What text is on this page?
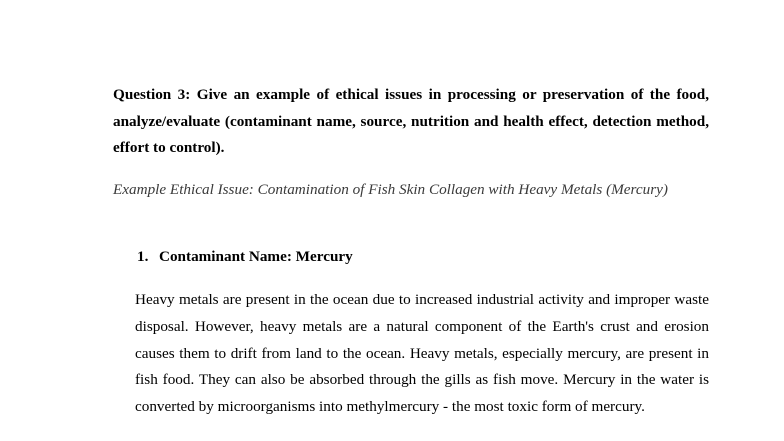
Question 3: Give an example of ethical issues in processing or preservation of the food, analyze/evaluate (contaminant name, source, nutrition and health effect, detection method, effort to control).

Example Ethical Issue: Contamination of Fish Skin Collagen with Heavy Metals (Mercury)

1. Contaminant Name: Mercury

Heavy metals are present in the ocean due to increased industrial activity and improper waste disposal. However, heavy metals are a natural component of the Earth's crust and erosion causes them to drift from land to the ocean. Heavy metals, especially mercury, are present in fish food. They can also be absorbed through the gills as fish move. Mercury in the water is converted by microorganisms into methylmercury - the most toxic form of mercury.
